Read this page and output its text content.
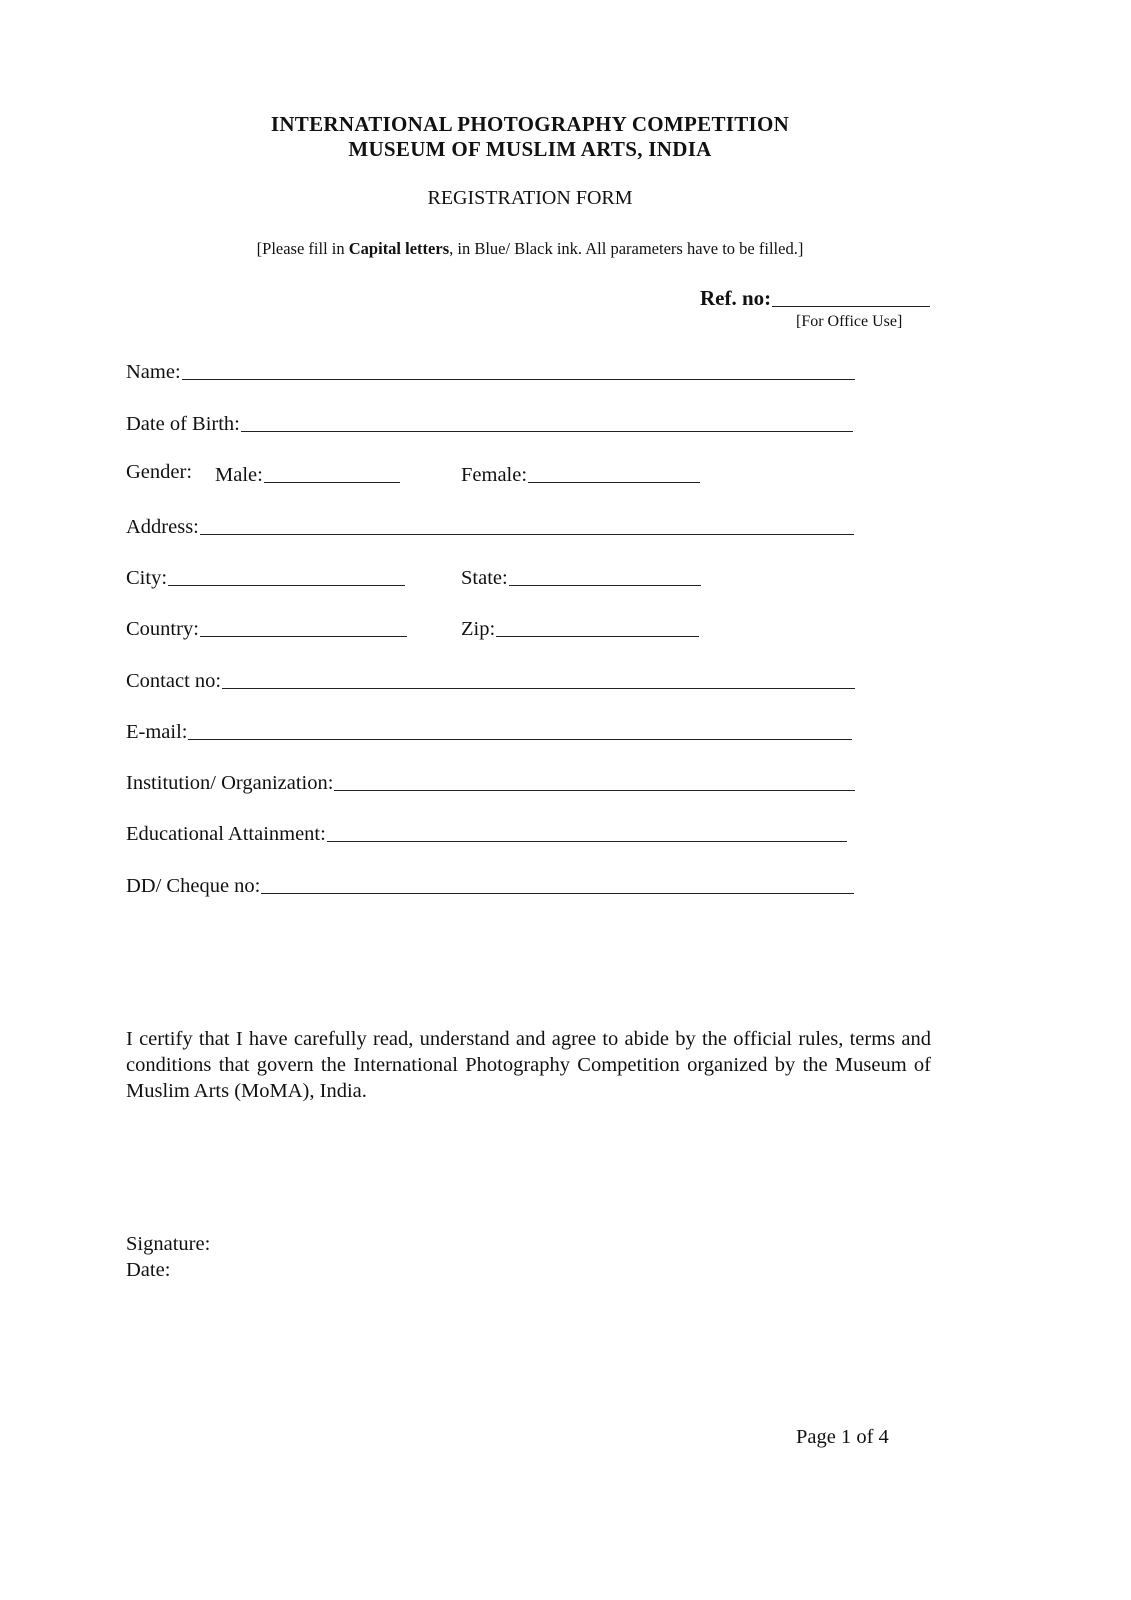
INTERNATIONAL PHOTOGRAPHY COMPETITION
MUSEUM OF MUSLIM ARTS, INDIA
REGISTRATION FORM
[Please fill in Capital letters, in Blue/ Black ink. All parameters have to be filled.]
Ref. no:
[For Office Use]
Name:
Date of Birth:
Gender: Male:	Female:
Address:
City:	State:
Country:	Zip:
Contact no:
E-mail:
Institution/ Organization:
Educational Attainment:
DD/ Cheque no:
I certify that I have carefully read, understand and agree to abide by the official rules, terms and conditions that govern the International Photography Competition organized by the Museum of Muslim Arts (MoMA), India.
Signature:
Date:
Page 1 of 4
